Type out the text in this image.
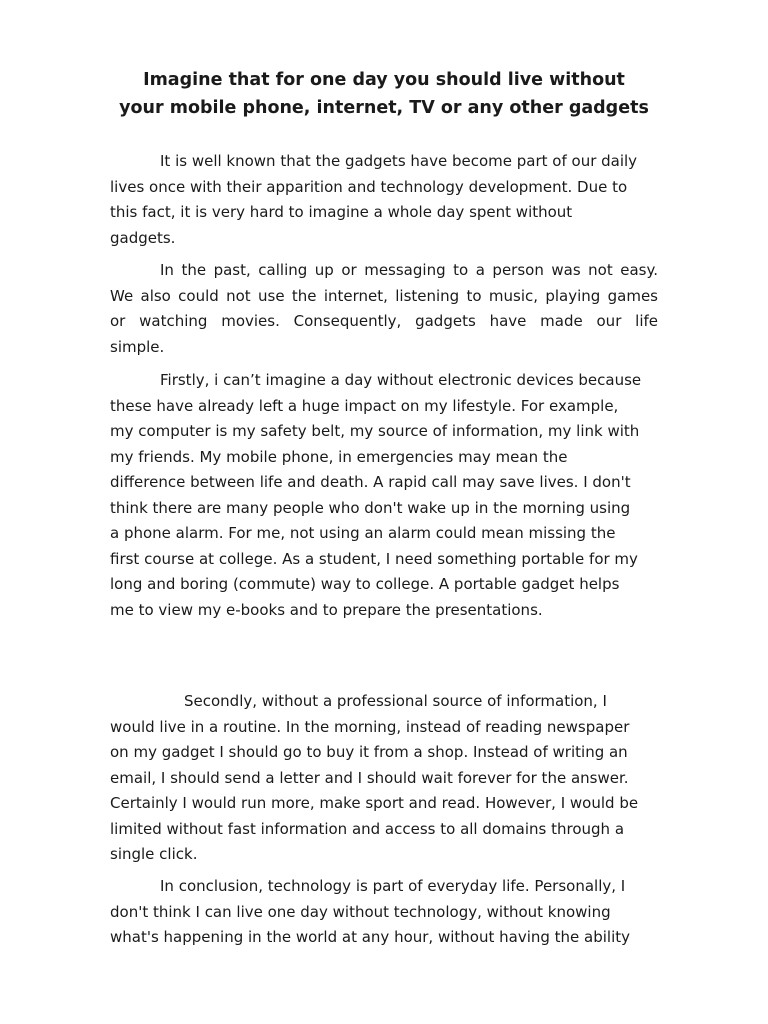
Imagine that for one day you should live without
your mobile phone, internet, TV or any other gadgets

It is well known that the gadgets have become part of our daily
lives once with their apparition and technology development. Due to
this fact, it is very hard to imagine a whole day spent without
gadgets.

In the past, calling up or messaging to a person was not easy.
We also could not use the internet, listening to music, playing games
or watching movies. Consequently, gadgets have made our life
simple.

Firstly, i can’t imagine a day without electronic devices because
these have already left a huge impact on my lifestyle. For example,
my computer is my safety belt, my source of information, my link with
my friends. My mobile phone, in emergencies may mean the
difference between life and death. A rapid call may save lives. I don't
think there are many people who don't wake up in the morning using
a phone alarm. For me, not using an alarm could mean missing the
first course at college. As a student, I need something portable for my
long and boring (commute) way to college. A portable gadget helps
me to view my e-books and to prepare the presentations.

Secondly, without a professional source of information, I
would live in a routine. In the morning, instead of reading newspaper
on my gadget I should go to buy it from a shop. Instead of writing an
email, I should send a letter and I should wait forever for the answer.
Certainly I would run more, make sport and read. However, I would be
limited without fast information and access to all domains through a
single click.

In conclusion, technology is part of everyday life. Personally, I
don't think I can live one day without technology, without knowing
what's happening in the world at any hour, without having the ability
